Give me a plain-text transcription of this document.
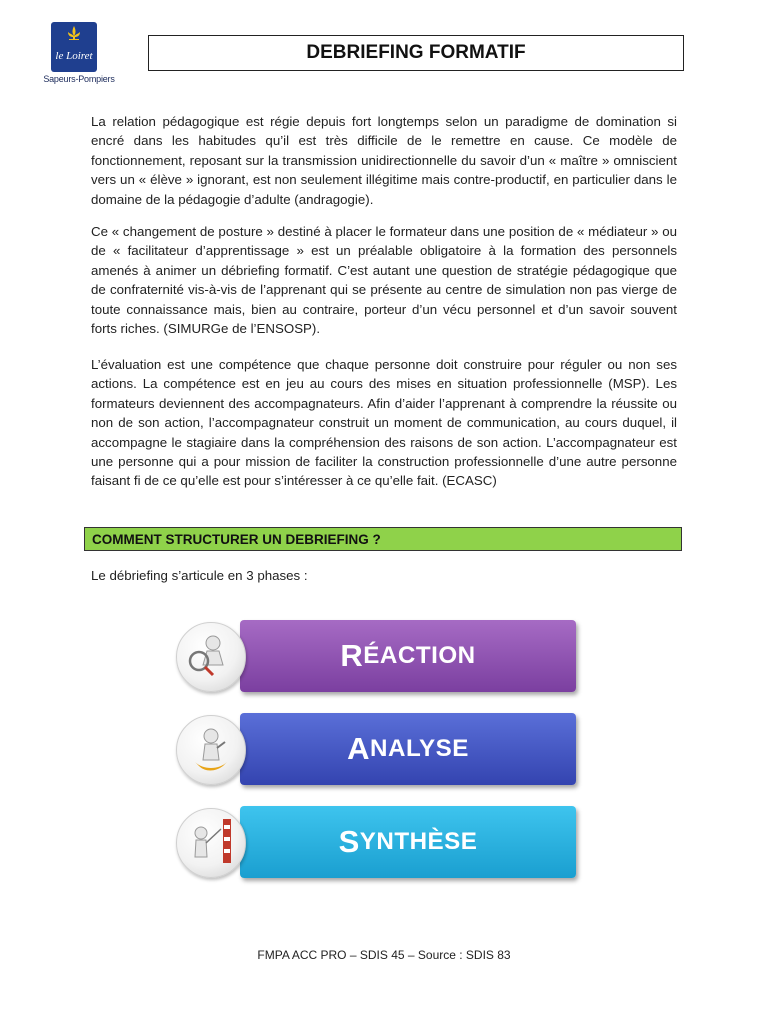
le Loiret
Sapeurs-Pompiers
DEBRIEFING FORMATIF

La relation pédagogique est régie depuis fort longtemps selon un paradigme de domination si encré dans les habitudes qu’il est très difficile de le remettre en cause. Ce modèle de fonctionnement, reposant sur la transmission unidirectionnelle du savoir d’un « maître » omniscient vers un « élève » ignorant, est non seulement illégitime mais contre-productif, en particulier dans le domaine de la pédagogie d’adulte (andragogie).

Ce « changement de posture » destiné à placer le formateur dans une position de « médiateur » ou de « facilitateur d’apprentissage » est un préalable obligatoire à la formation des personnels amenés à animer un débriefing formatif. C’est autant une question de stratégie pédagogique que de confraternité vis-à-vis de l’apprenant qui se présente au centre de simulation non pas vierge de toute connaissance mais, bien au contraire, porteur d’un vécu personnel et d’un savoir souvent forts riches. (SIMURGe de l’ENSOSP).

L’évaluation est une compétence que chaque personne doit construire pour réguler ou non ses actions. La compétence est en jeu au cours des mises en situation professionnelle (MSP). Les formateurs deviennent des accompagnateurs. Afin d’aider l’apprenant à comprendre la réussite ou non de son action, l’accompagnateur construit un moment de communication, au cours duquel, il accompagne le stagiaire dans la compréhension des raisons de son action. L’accompagnateur est une personne qui a pour mission de faciliter la construction professionnelle d’une autre personne faisant fi de ce qu’elle est pour s’intéresser à ce qu’elle fait. (ECASC)

COMMENT STRUCTURER UN DEBRIEFING ?
Le débriefing s’articule en 3 phases :
R ÉACTION
A NALYSE
S YNTHÈSE
FMPA ACC PRO – SDIS 45 – Source : SDIS 83
